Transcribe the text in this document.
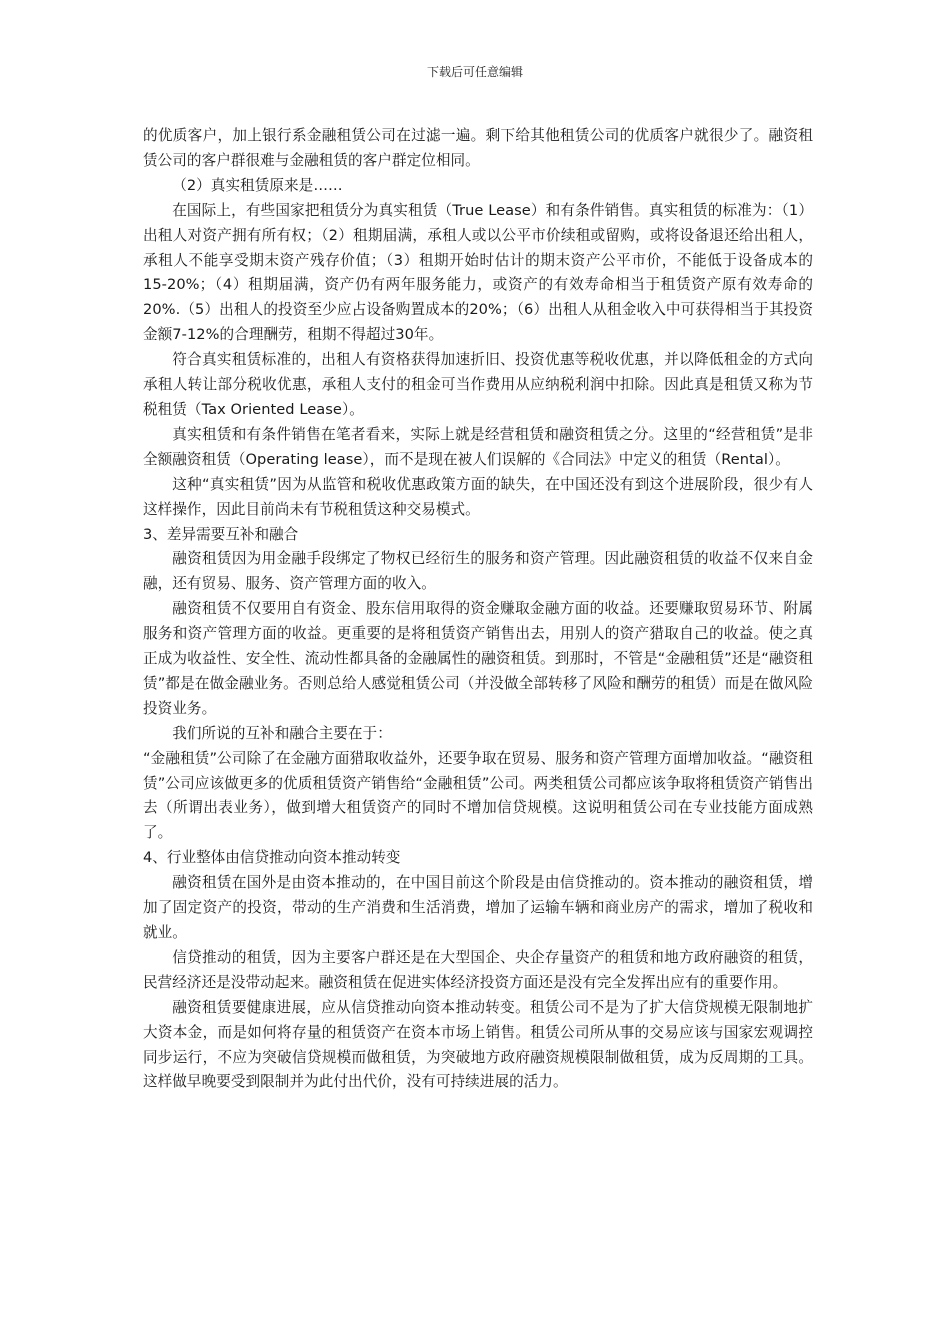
下载后可任意编辑

的优质客户，加上银行系金融租赁公司在过滤一遍。剩下给其他租赁公司的优质客户就很少了。融资租赁公司的客户群很难与金融租赁的客户群定位相同。

（2）真实租赁原来是……

在国际上，有些国家把租赁分为真实租赁（True Lease）和有条件销售。真实租赁的标准为：（1）出租人对资产拥有所有权；（2）租期届满，承租人或以公平市价续租或留购，或将设备退还给出租人，承租人不能享受期末资产残存价值；（3）租期开始时估计的期末资产公平市价，不能低于设备成本的15-20%；（4）租期届满，资产仍有两年服务能力，或资产的有效寿命相当于租赁资产原有效寿命的20%.（5）出租人的投资至少应占设备购置成本的20%；（6）出租人从租金收入中可获得相当于其投资金额7-12%的合理酬劳，租期不得超过30年。

符合真实租赁标准的，出租人有资格获得加速折旧、投资优惠等税收优惠，并以降低租金的方式向承租人转让部分税收优惠，承租人支付的租金可当作费用从应纳税利润中扣除。因此真是租赁又称为节税租赁（Tax Oriented Lease）。

真实租赁和有条件销售在笔者看来，实际上就是经营租赁和融资租赁之分。这里的“经营租赁”是非全额融资租赁（Operating lease），而不是现在被人们误解的《合同法》中定义的租赁（Rental）。

这种“真实租赁”因为从监管和税收优惠政策方面的缺失，在中国还没有到这个进展阶段，很少有人这样操作，因此目前尚未有节税租赁这种交易模式。

3、差异需要互补和融合

融资租赁因为用金融手段绑定了物权已经衍生的服务和资产管理。因此融资租赁的收益不仅来自金融，还有贸易、服务、资产管理方面的收入。

融资租赁不仅要用自有资金、股东信用取得的资金赚取金融方面的收益。还要赚取贸易环节、附属服务和资产管理方面的收益。更重要的是将租赁资产销售出去，用别人的资产猎取自己的收益。使之真正成为收益性、安全性、流动性都具备的金融属性的融资租赁。到那时，不管是“金融租赁”还是“融资租赁”都是在做金融业务。否则总给人感觉租赁公司（并没做全部转移了风险和酬劳的租赁）而是在做风险投资业务。

我们所说的互补和融合主要在于：

“金融租赁”公司除了在金融方面猎取收益外，还要争取在贸易、服务和资产管理方面增加收益。“融资租赁”公司应该做更多的优质租赁资产销售给“金融租赁”公司。两类租赁公司都应该争取将租赁资产销售出去（所谓出表业务），做到增大租赁资产的同时不增加信贷规模。这说明租赁公司在专业技能方面成熟了。

4、行业整体由信贷推动向资本推动转变

融资租赁在国外是由资本推动的，在中国目前这个阶段是由信贷推动的。资本推动的融资租赁，增加了固定资产的投资，带动的生产消费和生活消费，增加了运输车辆和商业房产的需求，增加了税收和就业。

信贷推动的租赁，因为主要客户群还是在大型国企、央企存量资产的租赁和地方政府融资的租赁，民营经济还是没带动起来。融资租赁在促进实体经济投资方面还是没有完全发挥出应有的重要作用。

融资租赁要健康进展，应从信贷推动向资本推动转变。租赁公司不是为了扩大信贷规模无限制地扩大资本金，而是如何将存量的租赁资产在资本市场上销售。租赁公司所从事的交易应该与国家宏观调控同步运行，不应为突破信贷规模而做租赁，为突破地方政府融资规模限制做租赁，成为反周期的工具。这样做早晚要受到限制并为此付出代价，没有可持续进展的活力。
